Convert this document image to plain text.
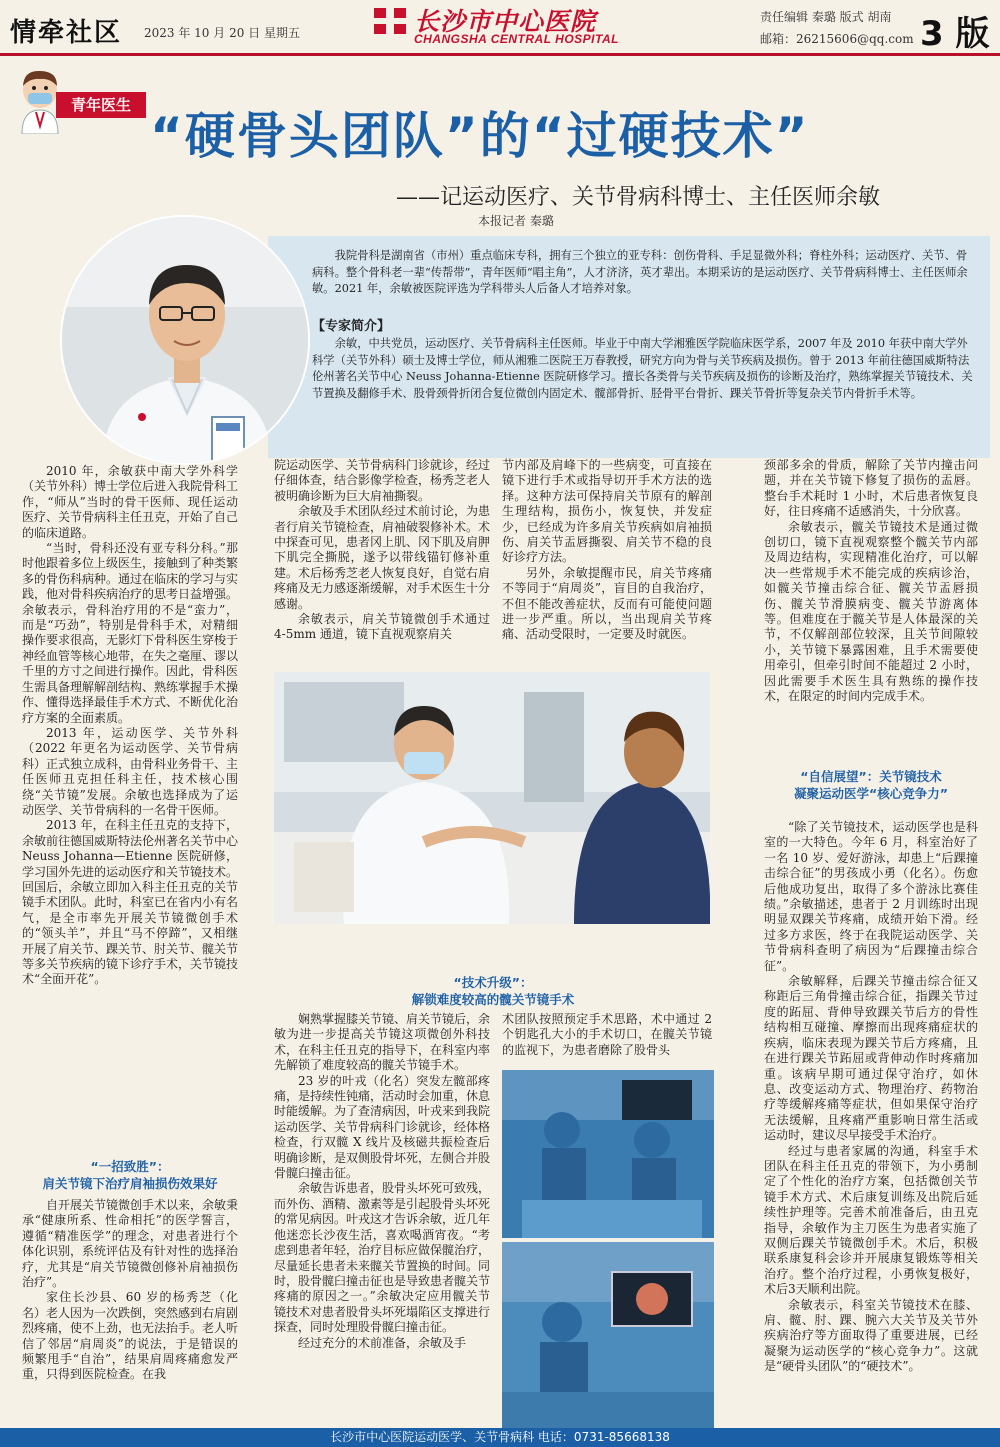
情牵社区 2023 年 10 月 20 日 星期五	长沙市中心医院
CHANGSHA CENTRAL HOSPITAL
责任编辑 秦璐 版式 胡南
邮箱：26215606@qq.com 3 版
青年医生
“硬骨头团队”的“过硬技术”
——记运动医疗、关节骨病科博士、主任医师余敏
本报记者 秦璐
我院骨科是湖南省（市州）重点临床专科，拥有三个独立的亚专科：创伤骨科、手足显微外科；脊柱外科；运动医疗、关节、骨病科。整个骨科老一辈“传帮带”，青年医师“唱主角”，人才济济，英才辈出。本期采访的是运动医疗、关节骨病科博士、主任医师余敏。2021 年，余敏被医院评选为学科带头人后备人才培养对象。
【专家简介】
余敏，中共党员，运动医疗、关节骨病科主任医师。毕业于中南大学湘雅医学院临床医学系，2007 年及 2010 年获中南大学外科学（关节外科）硕士及博士学位，师从湘雅二医院王万春教授，研究方向为骨与关节疾病及损伤。曾于 2013 年前往德国威斯特法伦州著名关节中心 Neuss Johanna-Etienne 医院研修学习。擅长各类骨与关节疾病及损伤的诊断及治疗，熟练掌握关节镜技术、关节置换及翻修手术、股骨颈骨折闭合复位微创内固定术、髋部骨折、胫骨平台骨折、踝关节骨折等复杂关节内骨折手术等。

2010 年，余敏获中南大学外科学（关节外科）博士学位后进入我院骨科工作，“师从”当时的骨干医师、现任运动医疗、关节骨病科主任丑克，开始了自己的临床道路。

“当时，骨科还没有亚专科分科。”那时他跟着多位上级医生，接触到了种类繁多的骨伤科病种。通过在临床的学习与实践，他对骨科疾病治疗的思考日益增强。余敏表示，骨科治疗用的不是“蛮力”，而是“巧劲”，特别是骨科手术，对精细操作要求很高，无影灯下骨科医生穿梭于神经血管等核心地带，在失之毫厘、谬以千里的方寸之间进行操作。因此，骨科医生需具备理解解剖结构、熟练掌握手术操作、懂得选择最佳手术方式、不断优化治疗方案的全面素质。

2013 年，运动医学、关节外科（2022 年更名为运动医学、关节骨病科）正式独立成科，由骨科业务骨干、主任医师丑克担任科主任，技术核心围绕“关节镜”发展。余敏也选择成为了运动医学、关节骨病科的一名骨干医师。

2013 年，在科主任丑克的支持下，余敏前往德国威斯特法伦州著名关节中心 Neuss Johanna—Etienne 医院研修，学习国外先进的运动医疗和关节镜技术。回国后，余敏立即加入科主任丑克的关节镜手术团队。此时，科室已在省内小有名气，是全市率先开展关节镜微创手术的“领头羊”，并且“马不停蹄”，又相继开展了肩关节、踝关节、肘关节、髋关节等多关节疾病的镜下诊疗手术，关节镜技术“全面开花”。

“一招致胜”：
肩关节镜下治疗肩袖损伤效果好

自开展关节镜微创手术以来，余敏秉承“健康所系、性命相托”的医学誓言，遵循“精准医学”的理念，对患者进行个体化识别，系统评估及有针对性的选择治疗，尤其是“肩关节镜微创修补肩袖损伤治疗”。

家住长沙县、60 岁的杨秀芝（化名）老人因为一次跌倒，突然感到右肩剧烈疼痛，使不上劲，也无法抬手。老人听信了邻居“肩周炎”的说法，于是错误的频繁甩手“自治”，结果肩周疼痛愈发严重，只得到医院检查。在我

院运动医学、关节骨病科门诊就诊，经过仔细体查，结合影像学检查，杨秀芝老人被明确诊断为巨大肩袖撕裂。

余敏及手术团队经过术前讨论，为患者行肩关节镜检查，肩袖破裂修补术。术中探查可见，患者冈上肌、冈下肌及肩胛下肌完全撕脱，遂予以带线锚钉修补重建。术后杨秀芝老人恢复良好，自觉右肩疼痛及无力感逐渐缓解，对手术医生十分感谢。

余敏表示，肩关节镜微创手术通过 4-5mm 通道，镜下直视观察肩关

节内部及肩峰下的一些病变，可直接在镜下进行手术或指导切开手术方法的选择。这种方法可保持肩关节原有的解剖生理结构，损伤小，恢复快，并发症少，已经成为许多肩关节疾病如肩袖损伤、肩关节盂唇撕裂、肩关节不稳的良好诊疗方法。

另外，余敏提醒市民，肩关节疼痛不等同于“肩周炎”，盲目的自我治疗，不但不能改善症状，反而有可能使问题进一步严重。所以，当出现肩关节疼痛、活动受限时，一定要及时就医。

颈部多余的骨质，解除了关节内撞击问题，并在关节镜下修复了损伤的盂唇。整台手术耗时 1 小时，术后患者恢复良好，往日疼痛不适感消失，十分欣喜。

余敏表示，髋关节镜技术是通过微创切口，镜下直视观察整个髋关节内部及周边结构，实现精准化治疗，可以解决一些常规手术不能完成的疾病诊治，如髋关节撞击综合征、髋关节盂唇损伤、髋关节滑膜病变、髋关节游离体等。但难度在于髋关节是人体最深的关节，不仅解剖部位较深，且关节间隙较小，关节镜下暴露困难，且手术需要使用牵引，但牵引时间不能超过 2 小时，因此需要手术医生具有熟练的操作技术，在限定的时间内完成手术。

“自信展望”：关节镜技术
凝聚运动医学“核心竞争力”

“除了关节镜技术，运动医学也是科室的一大特色。今年 6 月，科室治好了一名 10 岁、爱好游泳，却患上“后踝撞击综合征”的男孩成小勇（化名）。伤愈后他成功复出，取得了多个游泳比赛佳绩。”余敏描述，患者于 2 月训练时出现明显双踝关节疼痛，成绩开始下滑。经过多方求医，终于在我院运动医学、关节骨病科查明了病因为“后踝撞击综合征”。

余敏解释，后踝关节撞击综合征又称距后三角骨撞击综合征，指踝关节过度的跖屈、背伸导致踝关节后方的骨性结构相互碰撞、摩擦而出现疼痛症状的疾病，临床表现为踝关节后方疼痛，且在进行踝关节跖屈或背伸动作时疼痛加重。该病早期可通过保守治疗，如休息、改变运动方式、物理治疗、药物治疗等缓解疼痛等症状，但如果保守治疗无法缓解，且疼痛严重影响日常生活或运动时，建议尽早接受手术治疗。

经过与患者家属的沟通，科室手术团队在科主任丑克的带领下，为小勇制定了个性化的治疗方案，包括微创关节镜手术方式、术后康复训练及出院后延续性护理等。完善术前准备后，由丑克指导，余敏作为主刀医生为患者实施了双侧后踝关节镜微创手术。术后，积极联系康复科会诊并开展康复锻炼等相关治疗。整个治疗过程，小勇恢复极好，术后3天顺利出院。

余敏表示，科室关节镜技术在膝、肩、髋、肘、踝、腕六大关节及关节外疾病治疗等方面取得了重要进展，已经凝聚为运动医学的“核心竞争力”。这就是“硬骨头团队”的“硬技术”。

“技术升级”：
解锁难度较高的髋关节镜手术

娴熟掌握膝关节镜、肩关节镜后，余敏为进一步提高关节镜这项微创外科技术，在科主任丑克的指导下，在科室内率先解锁了难度较高的髋关节镜手术。

23 岁的叶戎（化名）突发左髋部疼痛，是持续性钝痛，活动时会加重，休息时能缓解。为了查清病因，叶戎来到我院运动医学、关节骨病科门诊就诊，经体格检查，行双髋 X 线片及核磁共振检查后明确诊断，是双侧股骨坏死，左侧合并股骨髋臼撞击征。

余敏告诉患者，股骨头坏死可致残，而外伤、酒精、激素等是引起股骨头坏死的常见病因。叶戎这才告诉余敏，近几年他迷恋长沙夜生活，喜欢喝酒宵夜。“考虑到患者年轻，治疗目标应做保髋治疗，尽量延长患者未来髋关节置换的时间。同时，股骨髋臼撞击征也是导致患者髋关节疼痛的原因之一。”余敏决定应用髋关节镜技术对患者股骨头坏死塌陷区支撑进行探查，同时处理股骨髋臼撞击征。

经过充分的术前准备，余敏及手

术团队按照预定手术思路，术中通过 2 个钥匙孔大小的手术切口，在髋关节镜的监视下，为患者磨除了股骨头

长沙市中心医院运动医学、关节骨病科 电话：0731-85668138
